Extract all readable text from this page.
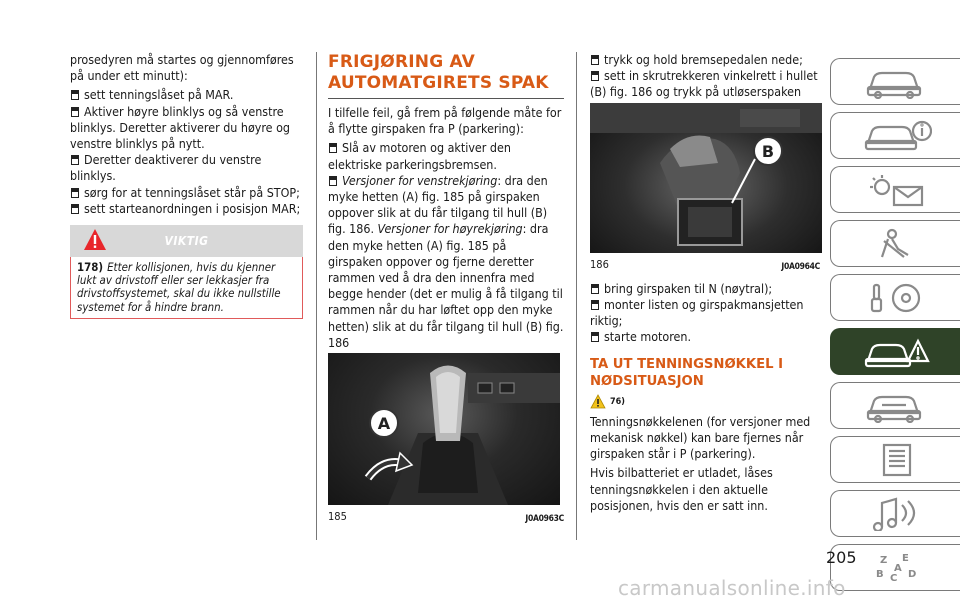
prosedyren må startes og gjennomføres på under ett minutt):

sett tenningslåset på MAR.
Aktiver høyre blinklys og så venstre blinklys. Deretter aktiverer du høyre og venstre blinklys på nytt.
Deretter deaktiverer du venstre blinklys.
sørg for at tenningslåset står på STOP;
sett starteanordningen i posisjon MAR;
VIKTIG
178) Etter kollisjonen, hvis du kjenner lukt av drivstoff eller ser lekkasjer fra drivstoffsystemet, skal du ikke nullstille systemet for å hindre brann.
FRIGJØRING AV AUTOMATGIRETS SPAK

I tilfelle feil, gå frem på følgende måte for å flytte girspaken fra P (parkering):

Slå av motoren og aktiver den elektriske parkeringsbremsen.
Versjoner for venstrekjøring: dra den myke hetten (A) fig. 185 på girspaken oppover slik at du får tilgang til hull (B) fig. 186. Versjoner for høyrekjøring: dra den myke hetten (A) fig. 185 på girspaken oppover og fjerne deretter rammen ved å dra den innenfra med begge hender (det er mulig å få tilgang til rammen når du har løftet opp den myke hetten) slik at du får tilgang til hull (B) fig. 186
A
185	J0A0963C
trykk og hold bremsepedalen nede;
sett in skrutrekkeren vinkelrett i hullet (B) fig. 186 og trykk på utløserspaken
B
186	J0A0964C
bring girspaken til N (nøytral);
monter listen og girspakmansjetten riktig;
starte motoren.
TA UT TENNINGSNØKKEL I NØDSITUASJON
76)

Tenningsnøkkelenen (for versjoner med mekanisk nøkkel) kan bare fjernes når girspaken står i P (parkering).

Hvis bilbatteriet er utladet, låses tenningsnøkkelen i den aktuelle posisjonen, hvis den er satt inn.

Z E
B C D
A
205
carmanualsonline.info
